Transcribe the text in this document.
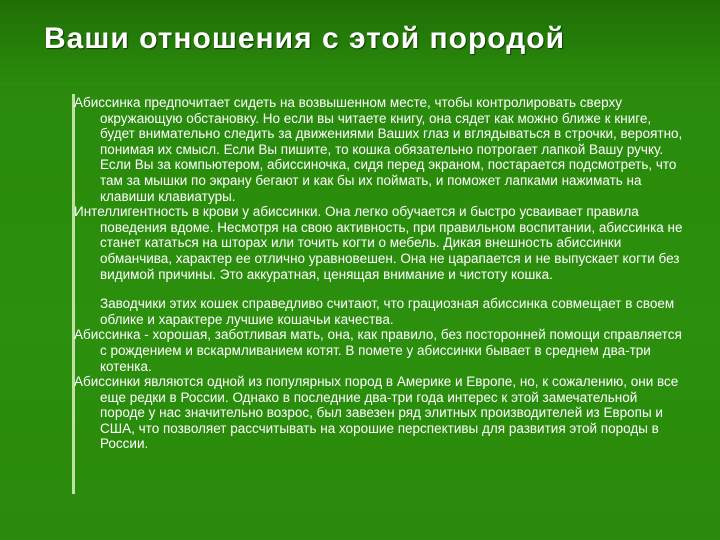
Ваши отношения с этой породой

Абиссинка предпочитает сидеть на возвышенном месте, чтобы контролировать сверху окружающую обстановку. Но если вы читаете книгу, она сядет как можно ближе к книге, будет внимательно следить за движениями Ваших глаз и вглядываться в строчки, вероятно, понимая их смысл. Если Вы пишите, то кошка обязательно потрогает лапкой Вашу ручку. Если Вы за компьютером, абиссиночка, сидя перед экраном, постарается подсмотреть, что там за мышки по экрану бегают и как бы их поймать, и поможет лапками нажимать на клавиши клавиатуры.

Интеллигентность в крови у абиссинки. Она легко обучается и быстро усваивает правила поведения вдоме. Несмотря на свою активность, при правильном воспитании, абиссинка не станет кататься на шторах или точить когти о мебель. Дикая внешность абиссинки обманчива, характер ее отлично уравновешен. Она не царапается и не выпускает когти без видимой причины. Это аккуратная, ценящая внимание и чистоту кошка.

Заводчики этих кошек справедливо считают, что грациозная абиссинка совмещает в своем облике и характере лучшие кошачьи качества.

Абиссинка - хорошая, заботливая мать, она, как правило, без посторонней помощи справляется с рождением и вскармливанием котят. В помете у абиссинки бывает в среднем два-три котенка.

Абиссинки являются одной из популярных пород в Америке и Европе, но, к сожалению, они все еще редки в России. Однако в последние два-три года интерес к этой замечательной породе у нас значительно возрос, был завезен ряд элитных производителей из Европы и США, что позволяет рассчитывать на хорошие перспективы для развития этой породы в России.
